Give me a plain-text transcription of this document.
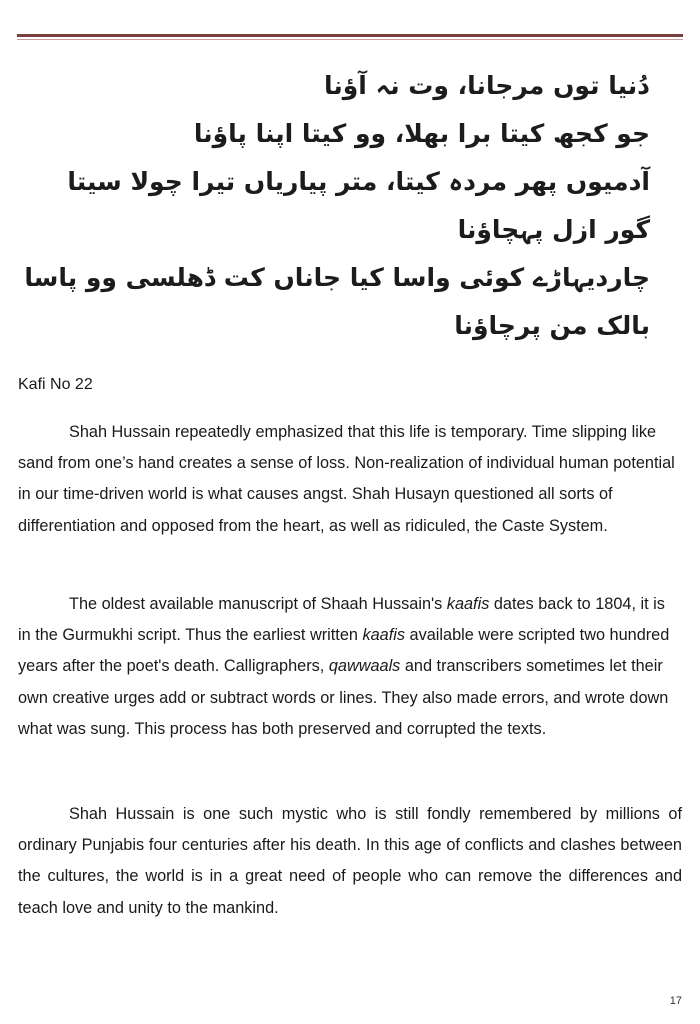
دُنیا توں مرجانا، وت نہ آؤنا
جو کجھ کیتا برا بھلا، وو کیتا اپنا پاؤنا
آدمیوں پھر مردہ کیتا، متر پیاریاں تیرا چولا سیتا
گور ازل پہچاؤنا
چاردیہاڑے کوئی واسا کیا جاناں کت ڈھلسی وو پاسا
بالک من پرچاؤنا
Kafi No 22

Shah Hussain repeatedly emphasized that this life is temporary. Time slipping like sand from one’s hand creates a sense of loss. Non-realization of individual human potential in our time-driven world is what causes angst. Shah Husayn questioned all sorts of differentiation and opposed from the heart, as well as ridiculed, the Caste System.

The oldest available manuscript of Shaah Hussain's kaafis dates back to 1804, it is in the Gurmukhi script. Thus the earliest written kaafis available were scripted two hundred years after the poet's death. Calligraphers, qawwaals and transcribers sometimes let their own creative urges add or subtract words or lines. They also made errors, and wrote down what was sung. This process has both preserved and corrupted the texts.

Shah Hussain is one such mystic who is still fondly remembered by millions of ordinary Punjabis four centuries after his death. In this age of conflicts and clashes between the cultures, the world is in a great need of people who can remove the differences and teach love and unity to the mankind.

17
